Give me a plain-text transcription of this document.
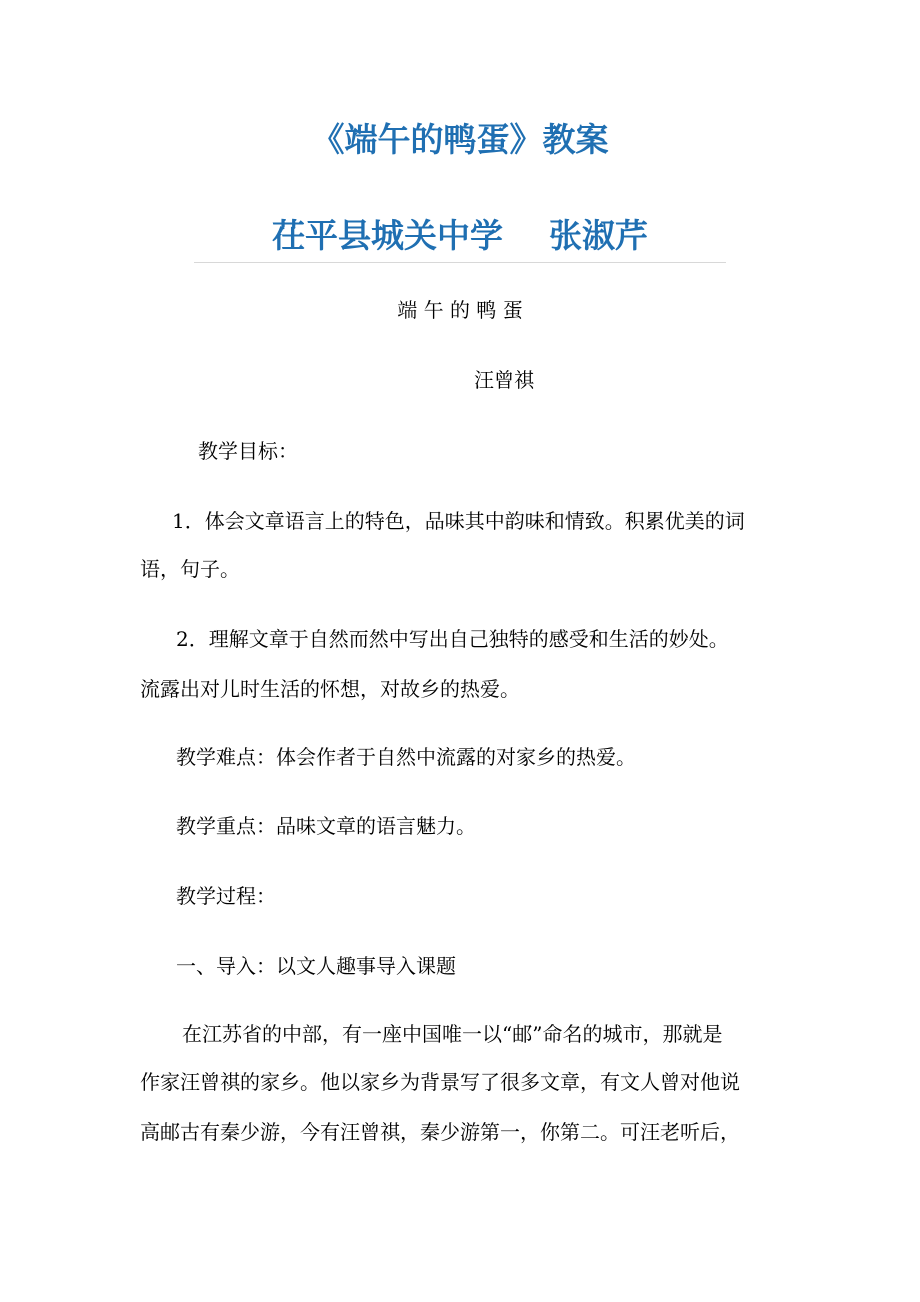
《端午的鸭蛋》教案
茌平县城关中学    张淑芹
端 午 的 鸭 蛋
汪曾祺
教学目标：
1．体会文章语言上的特色，品味其中韵味和情致。积累优美的词
语，句子。
2．理解文章于自然而然中写出自己独特的感受和生活的妙处。
流露出对儿时生活的怀想，对故乡的热爱。
教学难点：体会作者于自然中流露的对家乡的热爱。
教学重点：品味文章的语言魅力。
教学过程：
一、导入：以文人趣事导入课题
在江苏省的中部，有一座中国唯一以“邮”命名的城市，那就是
作家汪曾祺的家乡。他以家乡为背景写了很多文章，有文人曾对他说
高邮古有秦少游，今有汪曾祺，秦少游第一，你第二。可汪老听后，
